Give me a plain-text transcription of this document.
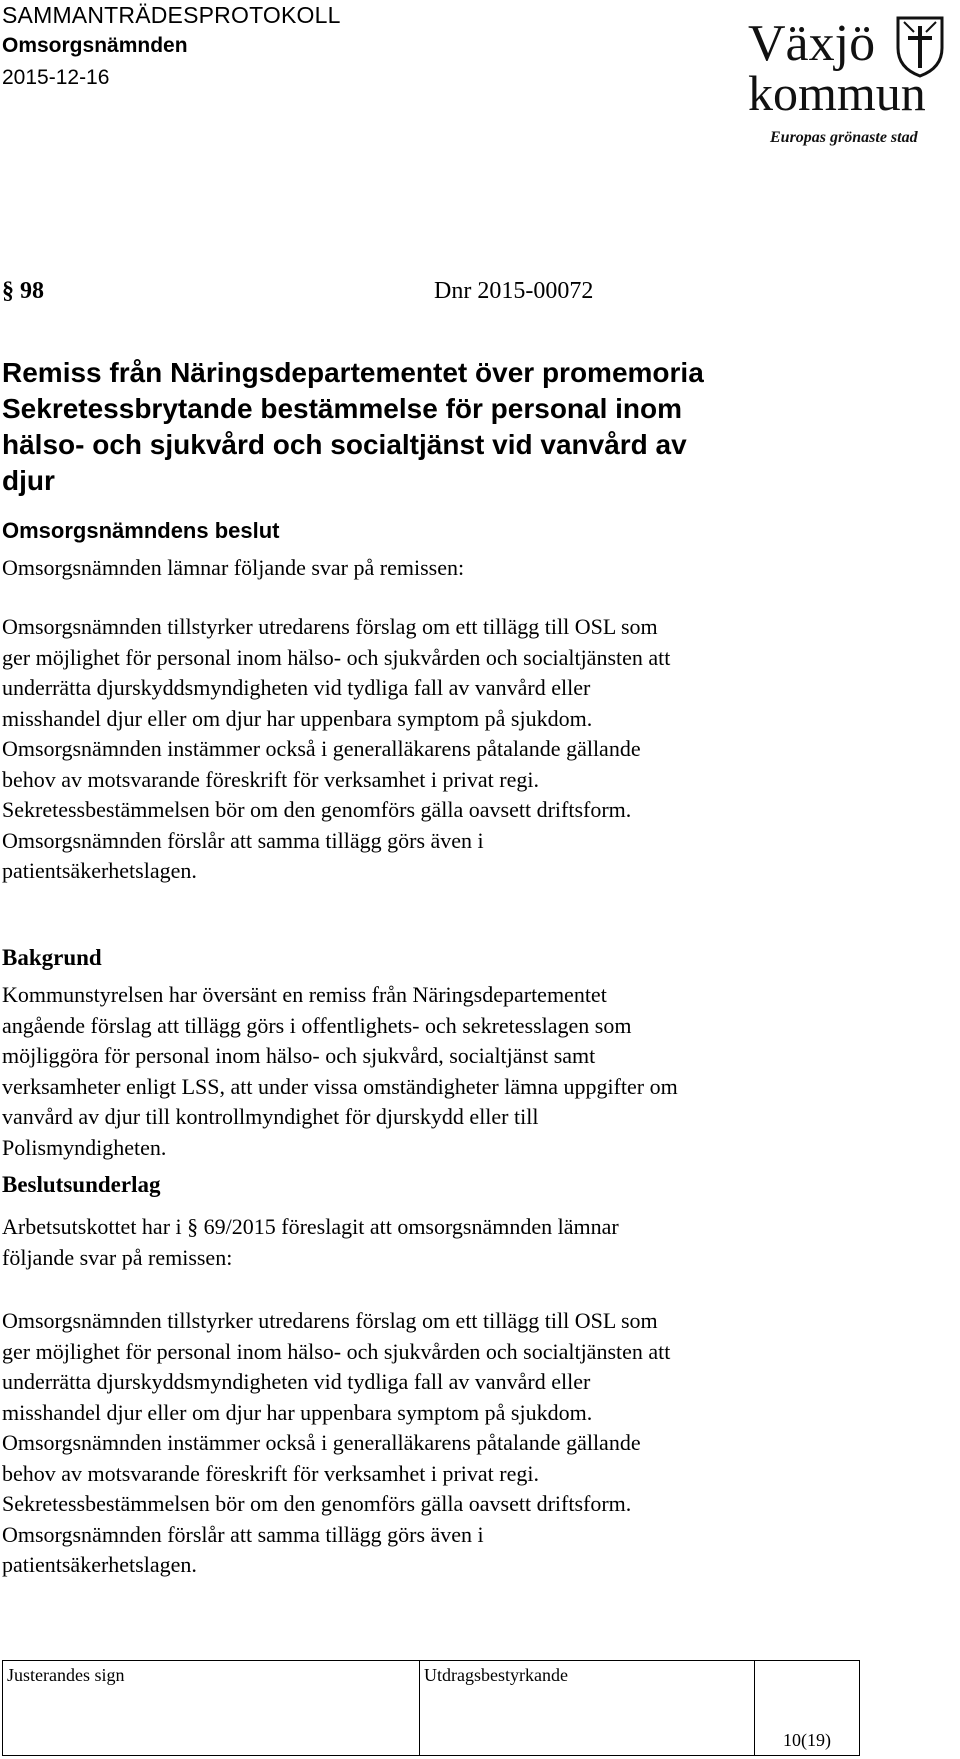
SAMMANTRÄDESPROTOKOLL
Omsorgsnämnden
2015-12-16
Växjö
kommun
Europas grönaste stad
§ 98	Dnr 2015-00072
Remiss från Näringsdepartementet över promemoria
Sekretessbrytande bestämmelse för personal inom
hälso- och sjukvård och socialtjänst vid vanvård av
djur
Omsorgsnämndens beslut

Omsorgsnämnden lämnar följande svar på remissen:

Omsorgsnämnden tillstyrker utredarens förslag om ett tillägg till OSL som
ger möjlighet för personal inom hälso- och sjukvården och socialtjänsten att
underrätta djurskyddsmyndigheten vid tydliga fall av vanvård eller
misshandel djur eller om djur har uppenbara symptom på sjukdom.
Omsorgsnämnden instämmer också i generalläkarens påtalande gällande
behov av motsvarande föreskrift för verksamhet i privat regi.
Sekretessbestämmelsen bör om den genomförs gälla oavsett driftsform.
Omsorgsnämnden förslår att samma tillägg görs även i
patientsäkerhetslagen.
Bakgrund
Kommunstyrelsen har översänt en remiss från Näringsdepartementet
angående förslag att tillägg görs i offentlighets- och sekretesslagen som
möjliggöra för personal inom hälso- och sjukvård, socialtjänst samt
verksamheter enligt LSS, att under vissa omständigheter lämna uppgifter om
vanvård av djur till kontrollmyndighet för djurskydd eller till
Polismyndigheten.
Beslutsunderlag
Arbetsutskottet har i § 69/2015 föreslagit att omsorgsnämnden lämnar
följande svar på remissen:
Omsorgsnämnden tillstyrker utredarens förslag om ett tillägg till OSL som
ger möjlighet för personal inom hälso- och sjukvården och socialtjänsten att
underrätta djurskyddsmyndigheten vid tydliga fall av vanvård eller
misshandel djur eller om djur har uppenbara symptom på sjukdom.
Omsorgsnämnden instämmer också i generalläkarens påtalande gällande
behov av motsvarande föreskrift för verksamhet i privat regi.
Sekretessbestämmelsen bör om den genomförs gälla oavsett driftsform.
Omsorgsnämnden förslår att samma tillägg görs även i
patientsäkerhetslagen.
Justerandes sign	Utdragsbestyrkande	10(19)
